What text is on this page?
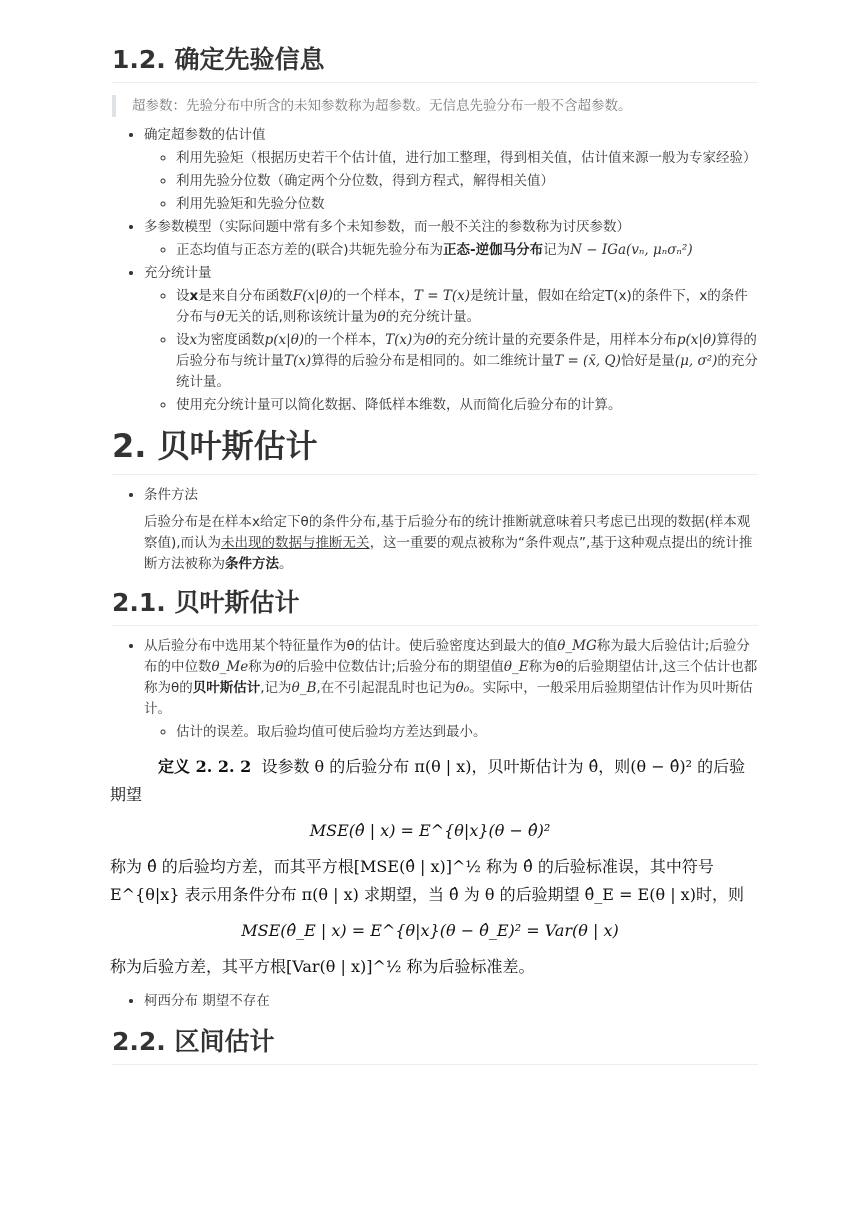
1.2. 确定先验信息
超参数：先验分布中所含的未知参数称为超参数。无信息先验分布一般不含超参数。
• 确定超参数的估计值
◦ 利用先验矩（根据历史若干个估计值，进行加工整理，得到相关值，估计值来源一般为专家经验）
◦ 利用先验分位数（确定两个分位数，得到方程式，解得相关值）
◦ 利用先验矩和先验分位数
• 多参数模型（实际问题中常有多个未知参数，而一般不关注的参数称为讨厌参数）
◦ 正态均值与正态方差的(联合)共轭先验分布为正态-逆伽马分布记为N − IGa(vₙ, μₙσₙ²)
• 充分统计量
◦ 设x是来自分布函数F(x|θ)的一个样本，T = T(x)是统计量，假如在给定T(x)的条件下，x的条件分布与θ无关的话,则称该统计量为θ的充分统计量。
◦ 设x为密度函数p(x|θ)的一个样本，T(x)为θ的充分统计量的充要条件是，用样本分布p(x|θ)算得的后验分布与统计量T(x)算得的后验分布是相同的。如二维统计量T = (x̄, Q)恰好是量(μ, σ²)的充分统计量。
◦ 使用充分统计量可以简化数据、降低样本维数，从而简化后验分布的计算。
2. 贝叶斯估计
• 条件方法

后验分布是在样本x给定下θ的条件分布,基于后验分布的统计推断就意味着只考虑已出现的数据(样本观察值),而认为未出现的数据与推断无关，这一重要的观点被称为“条件观点”,基于这种观点提出的统计推断方法被称为条件方法。

2.1. 贝叶斯估计
• 从后验分布中选用某个特征量作为θ的估计。使后验密度达到最大的值θ_MG称为最大后验估计;后验分布的中位数θ_Me称为θ的后验中位数估计;后验分布的期望值θ_E称为θ的后验期望估计,这三个估计也都称为θ的贝叶斯估计,记为θ_B,在不引起混乱时也记为θ₀。实际中，一般采用后验期望估计作为贝叶斯估计。
◦ 估计的误差。取后验均值可使后验均方差达到最小。
定义 2. 2. 2 设参数 θ 的后验分布 π(θ | x)，贝叶斯估计为 θ̂，则(θ − θ̂)² 的后验
期望
MSE(θ̂ | x) = E^{θ|x}(θ − θ̂)²
称为 θ̂ 的后验均方差，而其平方根[MSE(θ̂ | x)]^½ 称为 θ̂ 的后验标准误，其中符号
E^{θ|x} 表示用条件分布 π(θ | x) 求期望，当 θ̂ 为 θ 的后验期望 θ̂_E = E(θ | x)时，则
MSE(θ̂_E | x) = E^{θ|x}(θ − θ̂_E)² = Var(θ | x)
称为后验方差，其平方根[Var(θ | x)]^½ 称为后验标准差。
• 柯西分布 期望不存在
2.2. 区间估计
